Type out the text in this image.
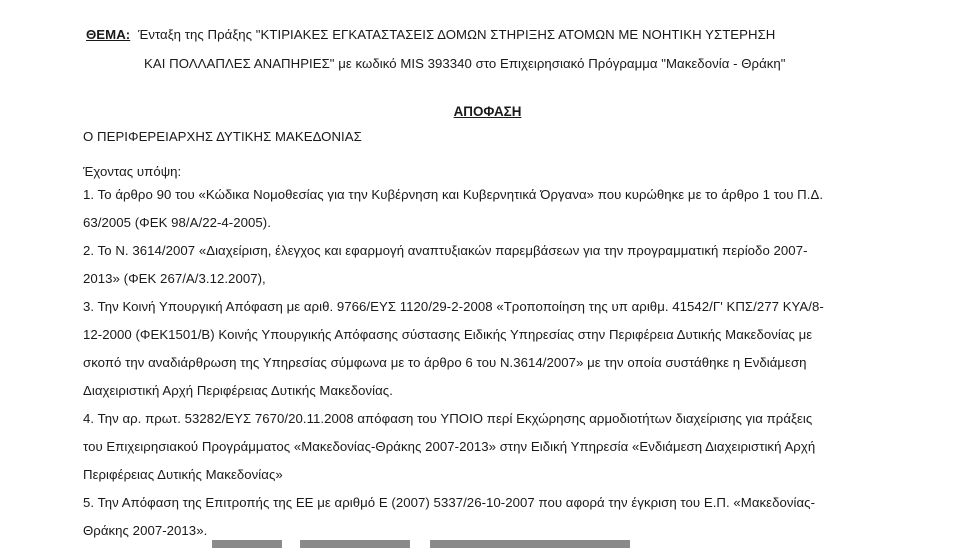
ΘΕΜΑ: Ένταξη της Πράξης "ΚΤΙΡΙΑΚΕΣ ΕΓΚΑΤΑΣΤΑΣΕΙΣ ΔΟΜΩΝ ΣΤΗΡΙΞΗΣ ΑΤΟΜΩΝ ΜΕ ΝΟΗΤΙΚΗ ΥΣΤΕΡΗΣΗ
ΚΑΙ ΠΟΛΛΑΠΛΕΣ ΑΝΑΠΗΡΙΕΣ" με κωδικό MIS 393340 στο Επιχειρησιακό Πρόγραμμα "Μακεδονία - Θράκη"
ΑΠΟΦΑΣΗ
Ο ΠΕΡΙΦΕΡΕΙΑΡΧΗΣ ΔΥΤΙΚΗΣ ΜΑΚΕΔΟΝΙΑΣ
Έχοντας υπόψη:
1. Το άρθρο 90 του «Κώδικα Νομοθεσίας για την Κυβέρνηση και Κυβερνητικά Όργανα» που κυρώθηκε με το άρθρο 1 του Π.Δ.
63/2005 (ΦΕΚ 98/Α/22-4-2005).
2. Το Ν. 3614/2007 «Διαχείριση, έλεγχος και εφαρμογή αναπτυξιακών παρεμβάσεων για την προγραμματική περίοδο 2007-
2013» (ΦΕΚ 267/Α/3.12.2007),
3. Την Κοινή Υπουργική Απόφαση με αριθ. 9766/ΕΥΣ 1120/29-2-2008 «Τροποποίηση της υπ αριθμ. 41542/Γ' ΚΠΣ/277 ΚΥΑ/8-
12-2000 (ΦΕΚ1501/Β) Κοινής Υπουργικής Απόφασης σύστασης Ειδικής Υπηρεσίας στην Περιφέρεια Δυτικής Μακεδονίας με
σκοπό την αναδιάρθρωση της Υπηρεσίας σύμφωνα με το άρθρο 6 του Ν.3614/2007» με την οποία συστάθηκε η Ενδιάμεση
Διαχειριστική Αρχή Περιφέρειας Δυτικής Μακεδονίας.
4. Την αρ. πρωτ. 53282/ΕΥΣ 7670/20.11.2008 απόφαση του ΥΠΟΙΟ περί Εκχώρησης αρμοδιοτήτων διαχείρισης για πράξεις
του Επιχειρησιακού Προγράμματος «Μακεδονίας-Θράκης 2007-2013» στην Ειδική Υπηρεσία «Ενδιάμεση Διαχειριστική Αρχή
Περιφέρειας Δυτικής Μακεδονίας»
5. Την Απόφαση της Επιτροπής της ΕΕ με αριθμό Ε (2007) 5337/26-10-2007 που αφορά την έγκριση του Ε.Π. «Μακεδονίας-
Θράκης 2007-2013».
